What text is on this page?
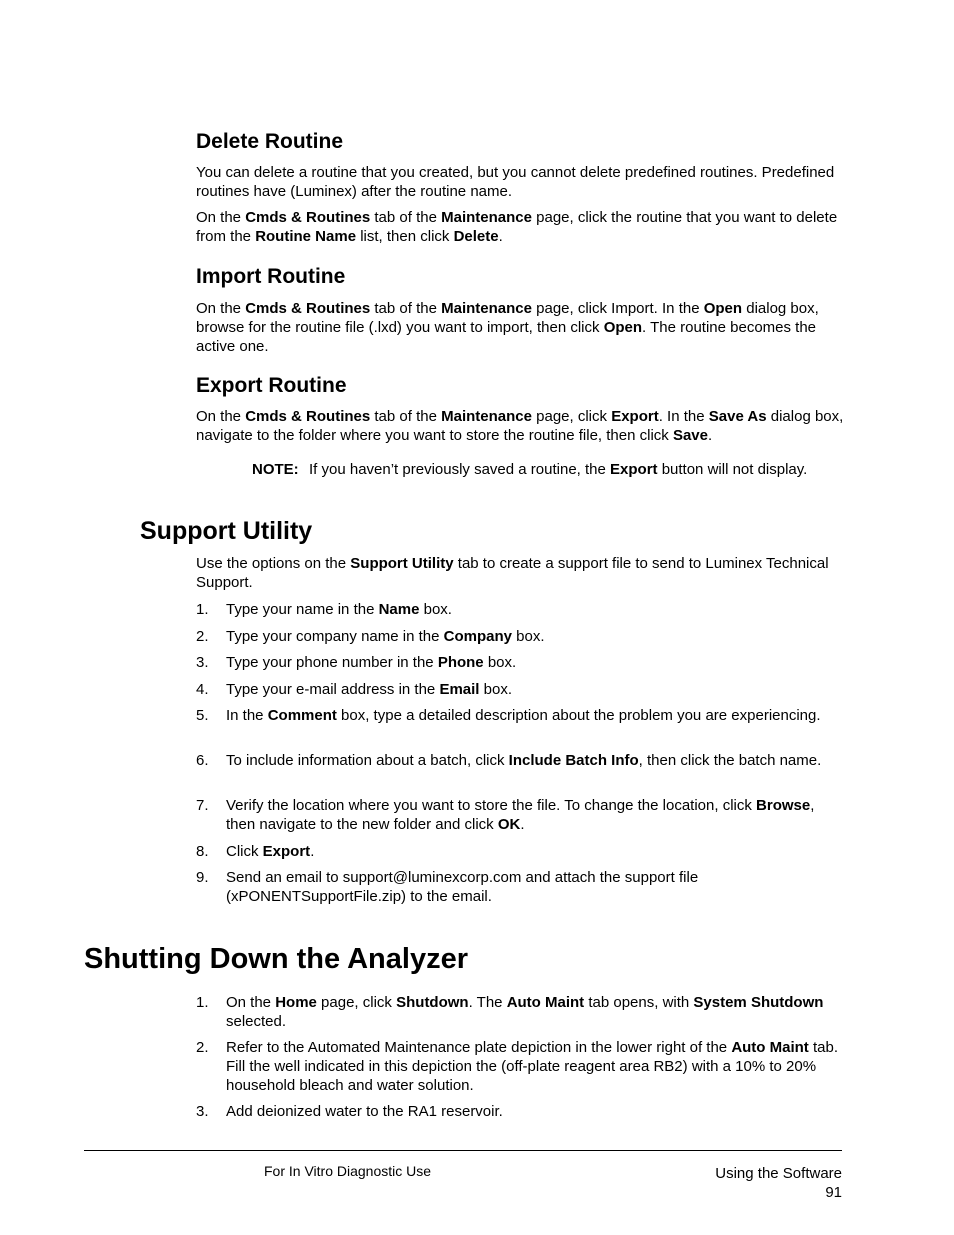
Delete Routine

You can delete a routine that you created, but you cannot delete predefined routines. Predefined routines have (Luminex) after the routine name.

On the Cmds & Routines tab of the Maintenance page, click the routine that you want to delete from the Routine Name list, then click Delete.

Import Routine

On the Cmds & Routines tab of the Maintenance page, click Import. In the Open dialog box, browse for the routine file (.lxd) you want to import, then click Open. The routine becomes the active one.

Export Routine

On the Cmds & Routines tab of the Maintenance page, click Export. In the Save As dialog box, navigate to the folder where you want to store the routine file, then click Save.

NOTE: If you haven’t previously saved a routine, the Export button will not display.
Support Utility

Use the options on the Support Utility tab to create a support file to send to Luminex Technical Support.

1. Type your name in the Name box.
2. Type your company name in the Company box.
3. Type your phone number in the Phone box.
4. Type your e-mail address in the Email box.
5. In the Comment box, type a detailed description about the problem you are experiencing.
6. To include information about a batch, click Include Batch Info, then click the batch name.
7. Verify the location where you want to store the file. To change the location, click Browse, then navigate to the new folder and click OK.
8. Click Export.
9. Send an email to support@luminexcorp.com and attach the support file (xPONENTSupportFile.zip) to the email.
Shutting Down the Analyzer
1. On the Home page, click Shutdown. The Auto Maint tab opens, with System Shutdown selected.
2. Refer to the Automated Maintenance plate depiction in the lower right of the Auto Maint tab. Fill the well indicated in this depiction the (off-plate reagent area RB2) with a 10% to 20% household bleach and water solution.
3. Add deionized water to the RA1 reservoir.
For In Vitro Diagnostic Use	Using the Software
91
